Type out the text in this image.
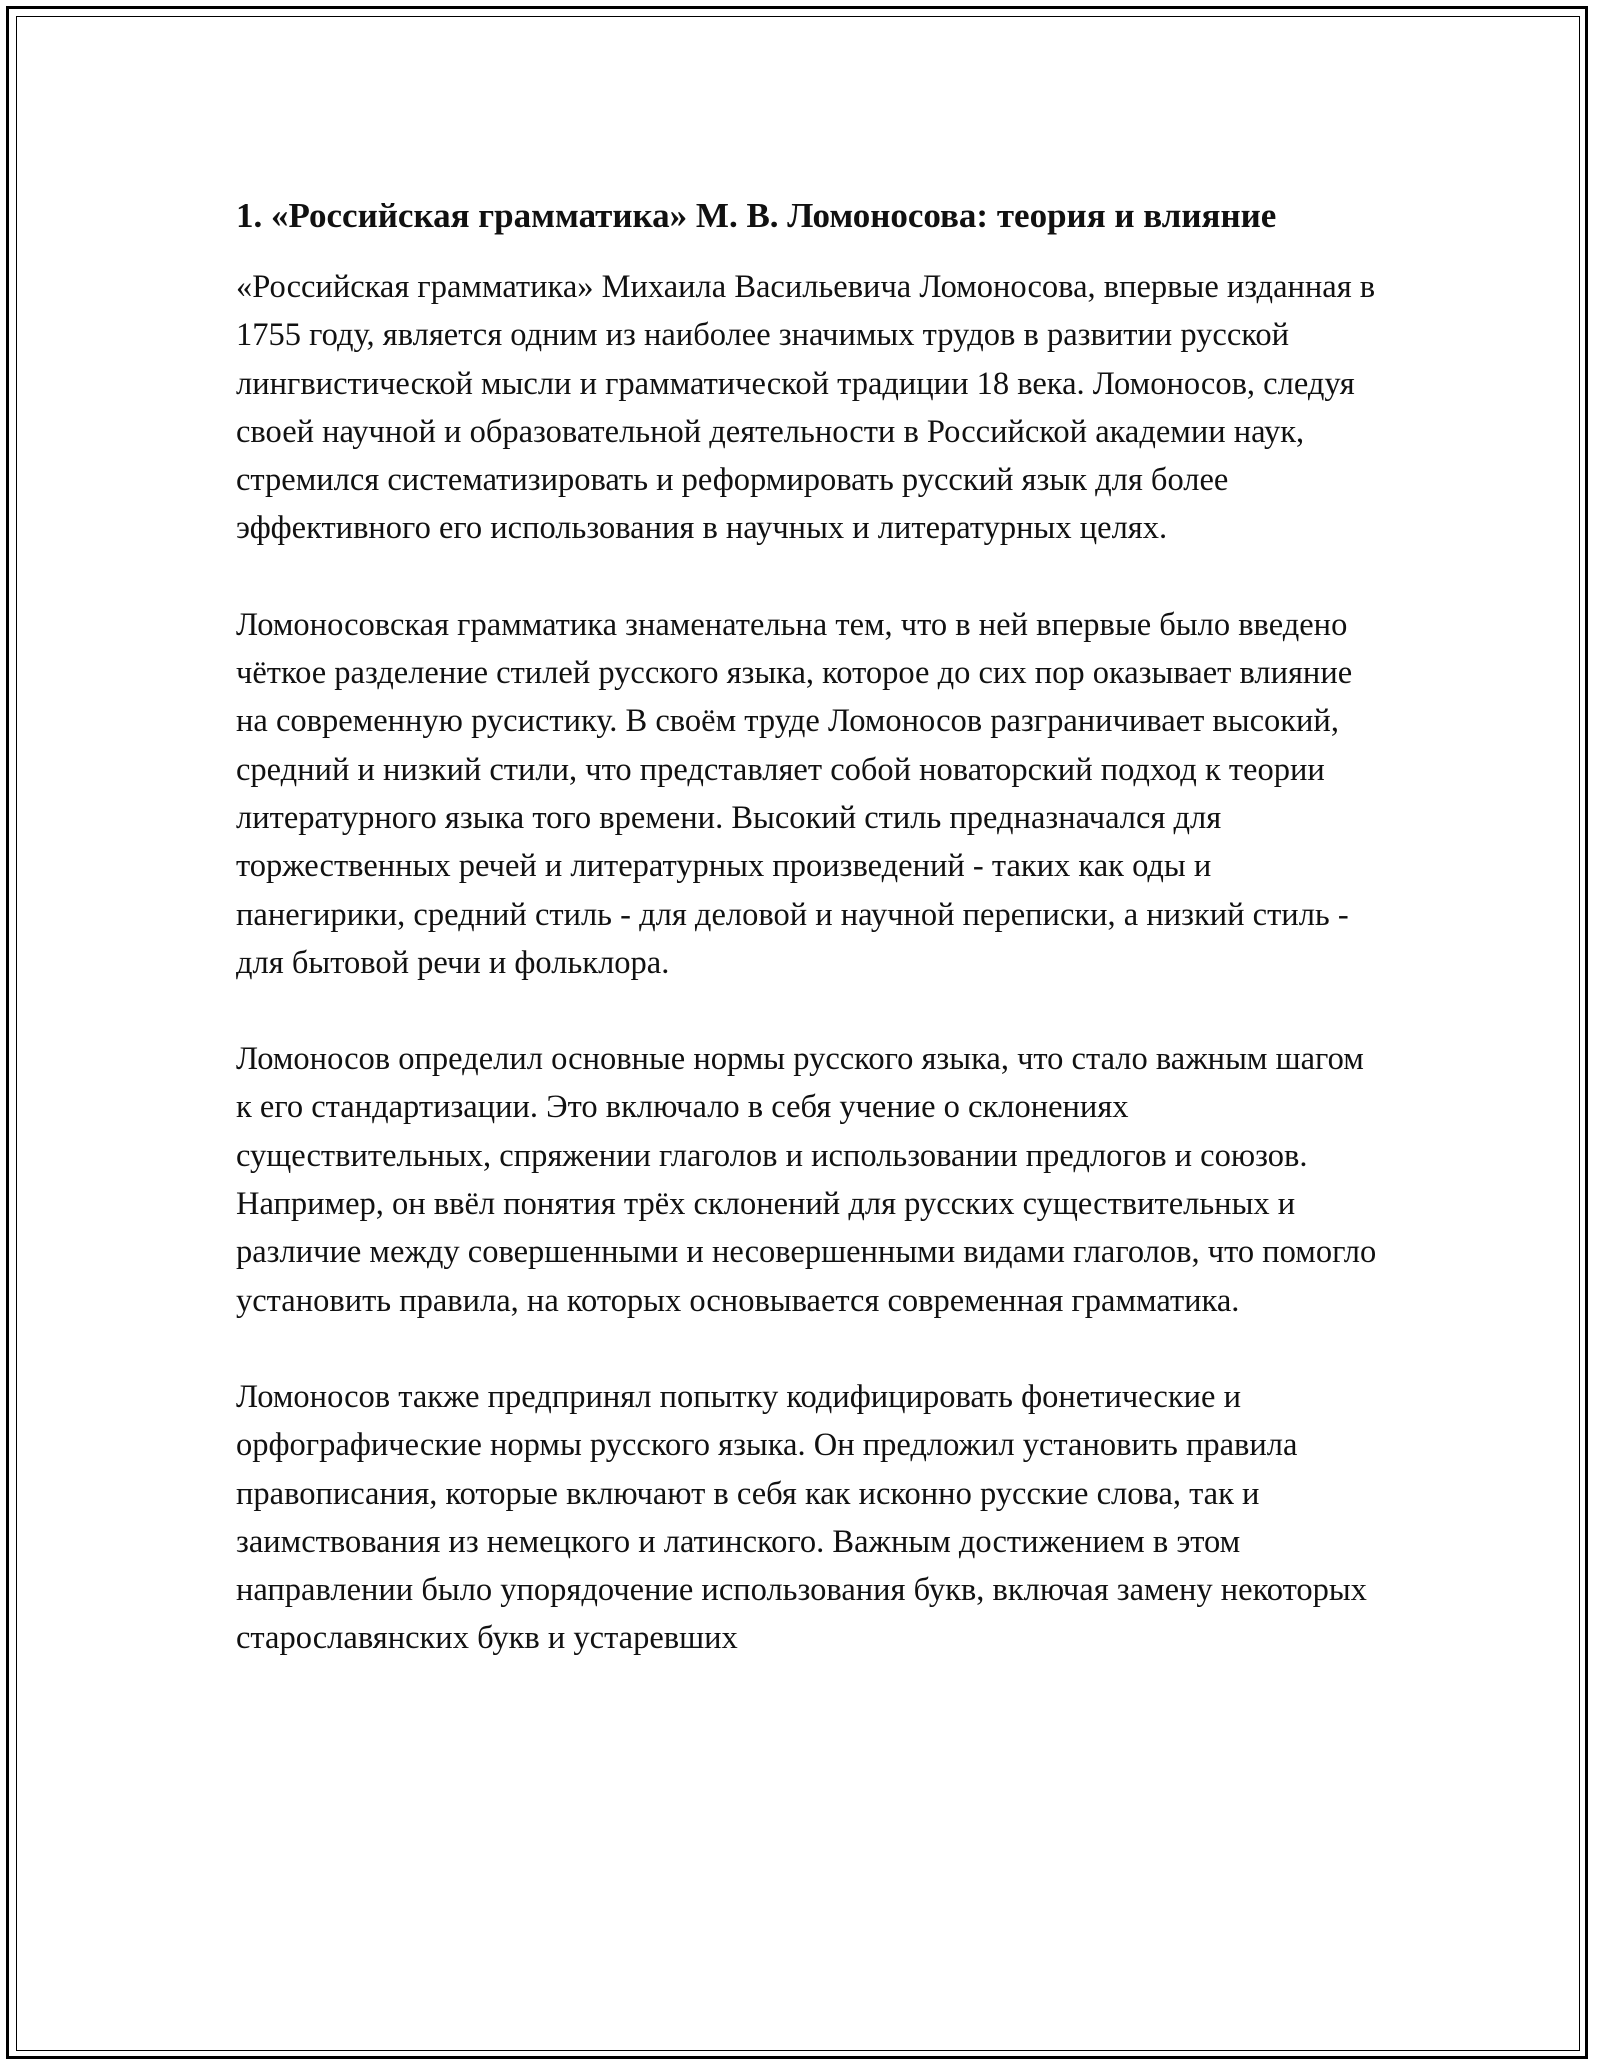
1. «Российская грамматика» М. В. Ломоносова: теория и влияние

«Российская грамматика» Михаила Васильевича Ломоносова, впервые изданная в 1755 году, является одним из наиболее значимых трудов в развитии русской лингвистической мысли и грамматической традиции 18 века. Ломоносов, следуя своей научной и образовательной деятельности в Российской академии наук, стремился систематизировать и реформировать русский язык для более эффективного его использования в научных и литературных целях.

Ломоносовская грамматика знаменательна тем, что в ней впервые было введено чёткое разделение стилей русского языка, которое до сих пор оказывает влияние на современную русистику. В своём труде Ломоносов разграничивает высокий, средний и низкий стили, что представляет собой новаторский подход к теории литературного языка того времени. Высокий стиль предназначался для торжественных речей и литературных произведений - таких как оды и панегирики, средний стиль - для деловой и научной переписки, а низкий стиль - для бытовой речи и фольклора.

Ломоносов определил основные нормы русского языка, что стало важным шагом к его стандартизации. Это включало в себя учение о склонениях существительных, спряжении глаголов и использовании предлогов и союзов. Например, он ввёл понятия трёх склонений для русских существительных и различие между совершенными и несовершенными видами глаголов, что помогло установить правила, на которых основывается современная грамматика.

Ломоносов также предпринял попытку кодифицировать фонетические и орфографические нормы русского языка. Он предложил установить правила правописания, которые включают в себя как исконно русские слова, так и заимствования из немецкого и латинского. Важным достижением в этом направлении было упорядочение использования букв, включая замену некоторых старославянских букв и устаревших
